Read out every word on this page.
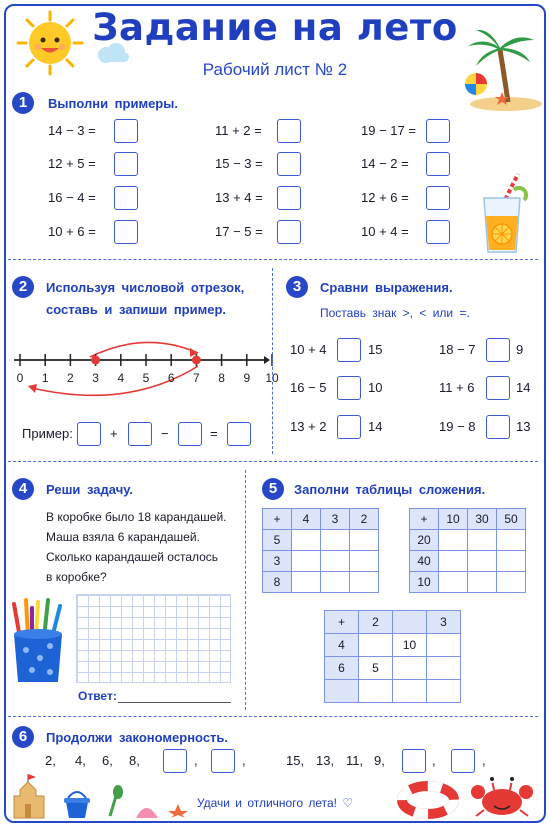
Задание на лето
Рабочий лист № 2
1	Выполни примеры.
14 − 3 =	11 + 2 =	19 − 17 =
12 + 5 =	15 − 3 =	14 − 2 =
16 − 4 =	13 + 4 =	12 + 6 =
10 + 6 =	17 − 5 =	10 + 4 =
2	Используя числовой отрезок,
составь и запиши пример.
0 1 2 3 4 5 6 7 8 9 10
Пример:	+	−	=
3	Сравни выражения.
Поставь знак >, < или =.
10 + 4	15	18 − 7	9
16 − 5	10	11 + 6	14
13 + 2	14	19 − 8	13
4	Реши задачу.
В коробке было 18 карандашей.
Маша взяла 6 карандашей.
Сколько карандашей осталось
в коробке?
Ответ:
5	Заполни таблицы сложения.
+	4	3	2
5			
3			
8			
+	10	30	50
20			
40			
10			
+	2		3
4		10	
6	5		

6	Продолжи закономерность.
2, 4, 6, 8,	,	,	15, 13, 11, 9,	,	,
Удачи и отличного лета! ♡
